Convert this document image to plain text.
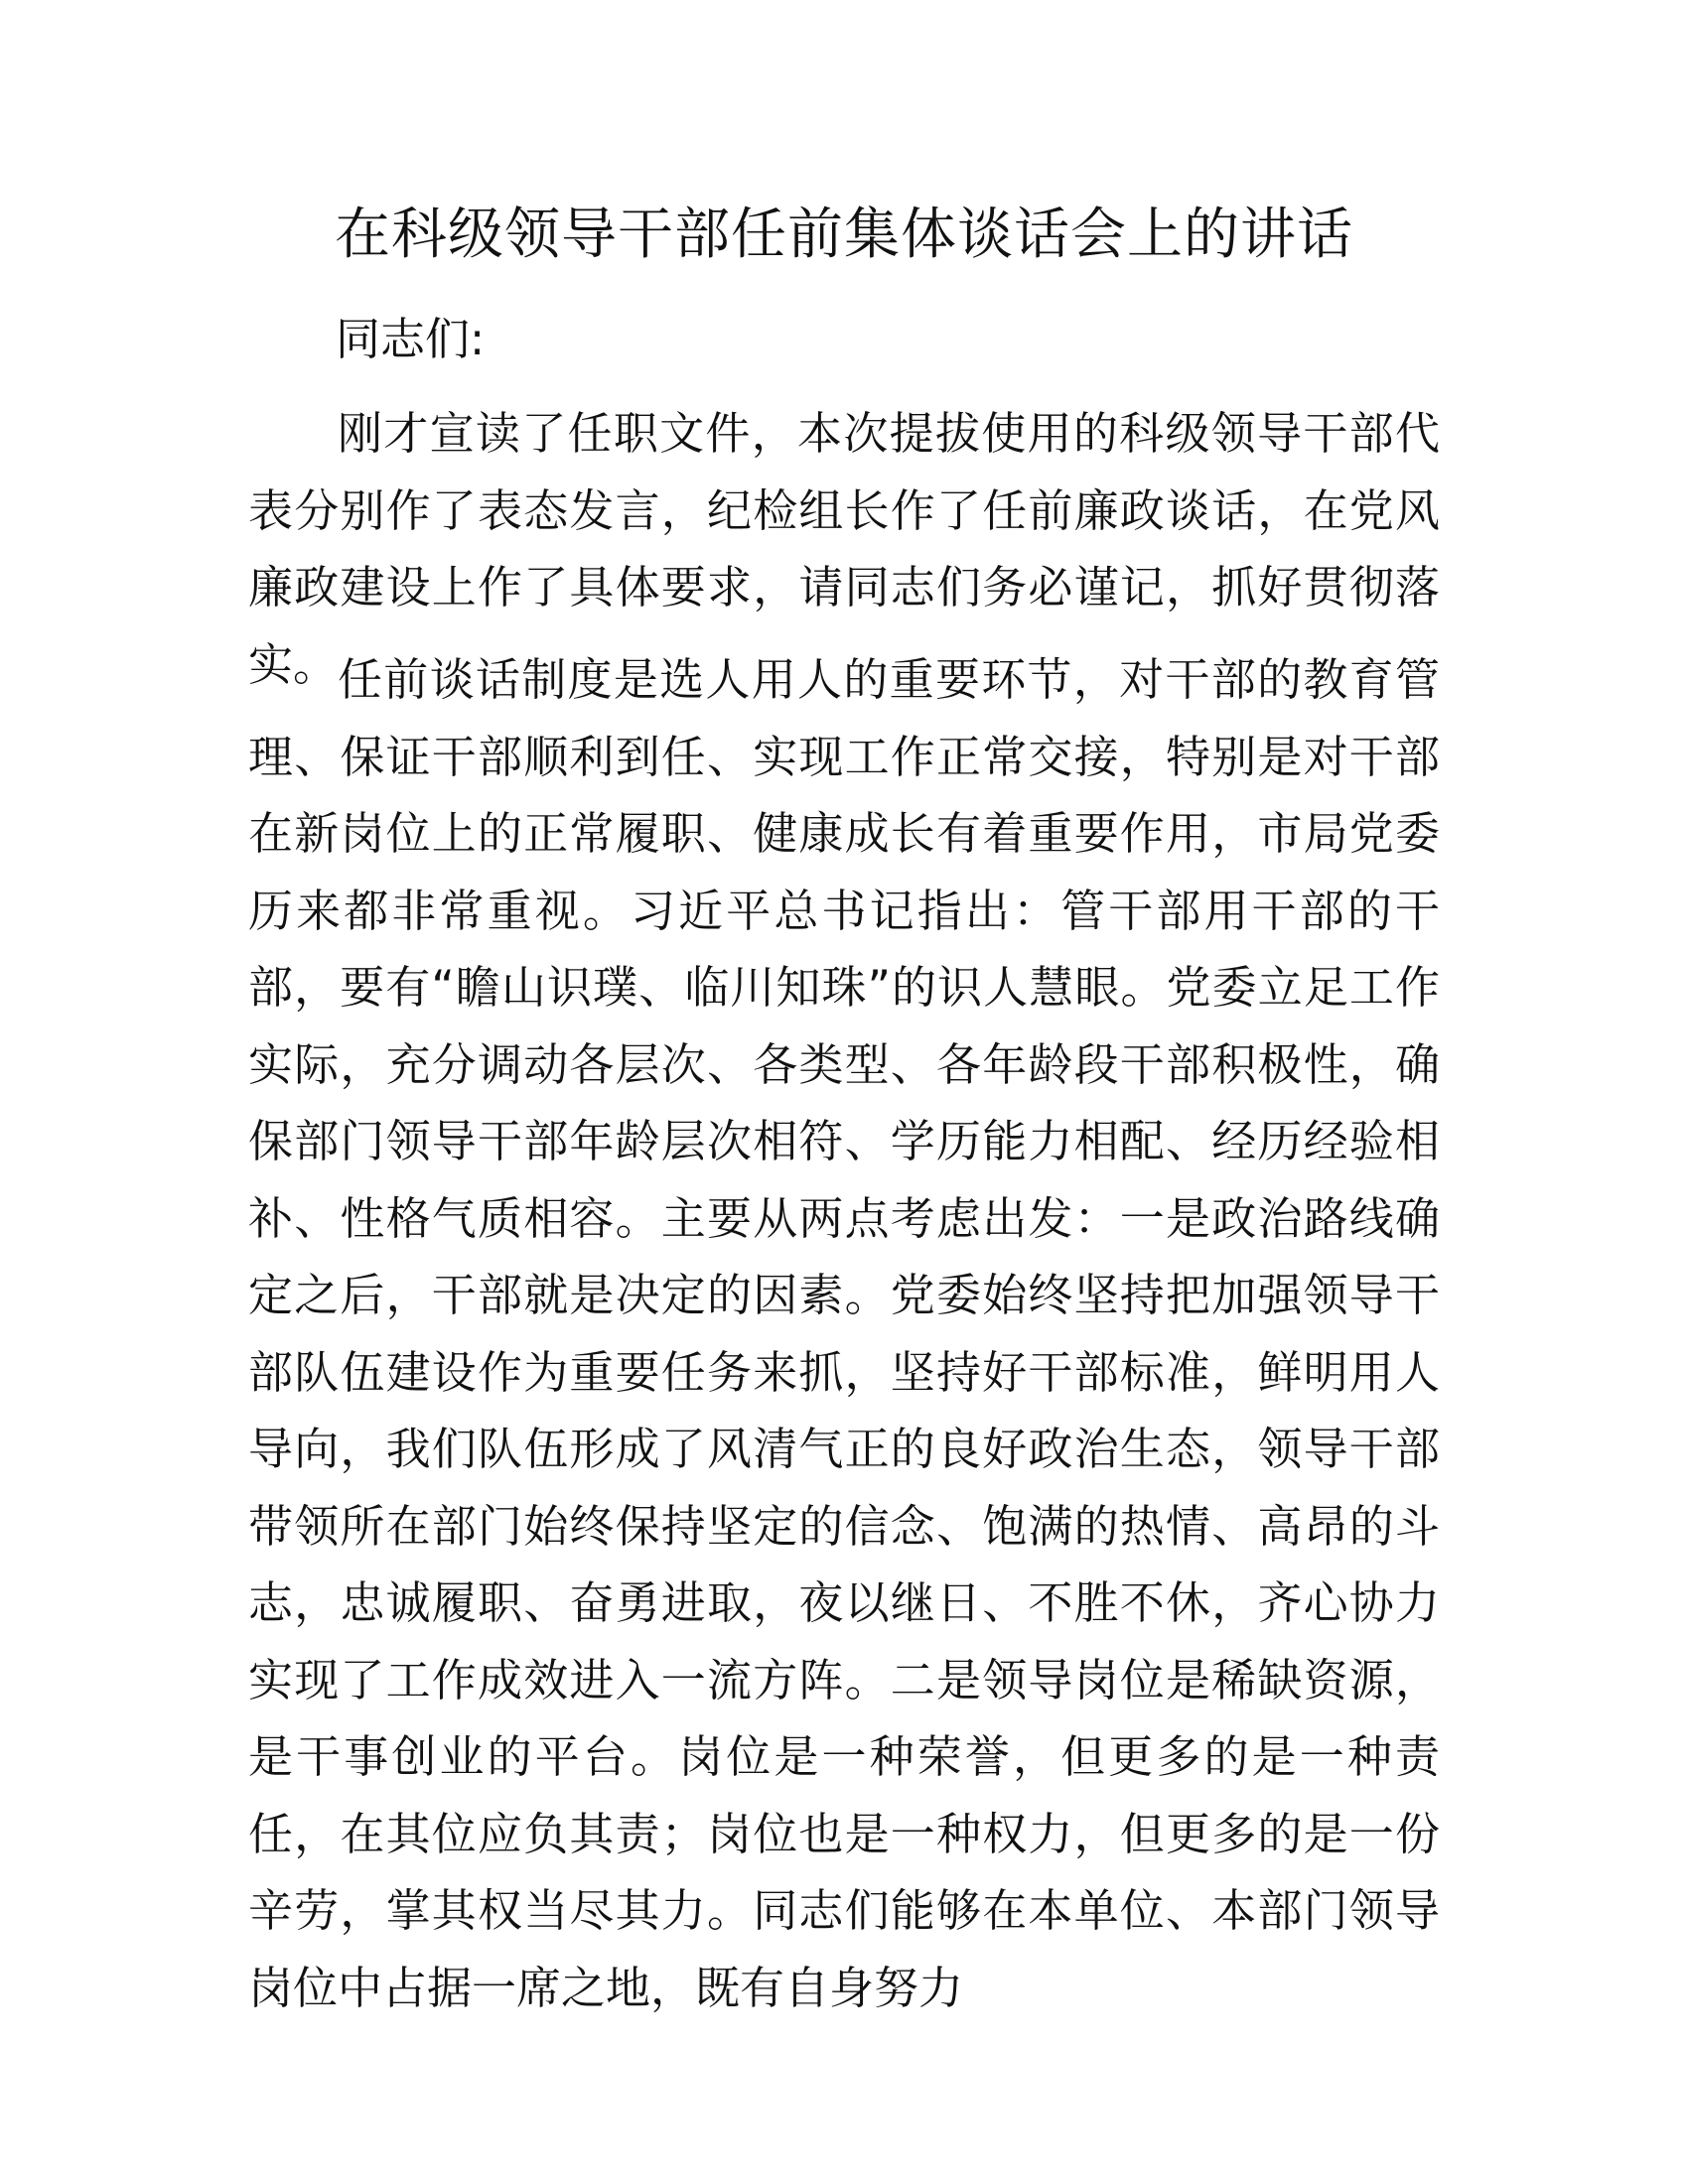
在科级领导干部任前集体谈话会上的讲话

同志们:

刚才宣读了任职文件，本次提拔使用的科级领导干部代表分别作了表态发言，纪检组长作了任前廉政谈话，在党风廉政建设上作了具体要求，请同志们务必谨记，抓好贯彻落实。 任前谈话制度是选人用人的重要环节，对干部的教育管理、保证干部顺利到任、实现工作正常交接，特别是对干部在新岗位上的正常履职、健康成长有着重要作用，市局党委历来都非常重视。习近平总书记指出：管干部用干部的干部，要有“瞻山识璞、临川知珠”的识人慧眼。党委立足工作实际，充分调动各层次、各类型、各年龄段干部积极性，确保部门领导干部年龄层次相符、学历能力相配、经历经验相补、性格气质相容。主要从两点考虑出发：一是政治路线确定之后，干部就是决定的因素。党委始终坚持把加强领导干部队伍建设作为重要任务来抓，坚持好干部标准，鲜明用人导向，我们队伍形成了风清气正的良好政治生态，领导干部带领所在部门始终保持坚定的信念、饱满的热情、高昂的斗志，忠诚履职、奋勇进取，夜以继日、不胜不休，齐心协力实现了工作成效进入一流方阵。二是领导岗位是稀缺资源，是干事创业的平台。岗位是一种荣誉，但更多的是一种责任，在其位应负其责；岗位也是一种权力，但更多的是一份辛劳，掌其权当尽其力。同志们能够在本单位、本部门领导岗位中占据一席之地，既有自身努力
